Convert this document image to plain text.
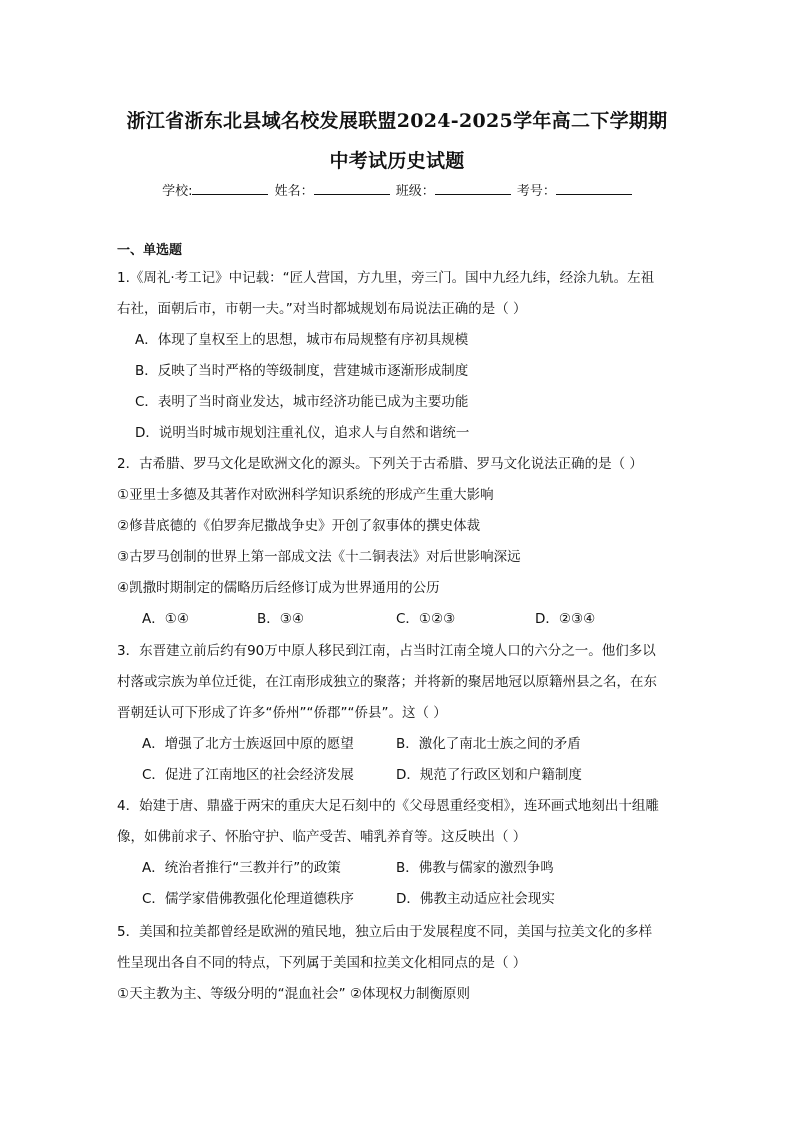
浙江省浙东北县域名校发展联盟2024-2025学年高二下学期期
中考试历史试题
学校:	姓名：	班级：	考号：
一、单选题
1.《周礼·考工记》中记载：“匠人营国，方九里，旁三门。国中九经九纬，经涂九轨。左祖
右社，面朝后市，市朝一夫。”对当时都城规划布局说法正确的是（ ）
A．体现了皇权至上的思想，城市布局规整有序初具规模
B．反映了当时严格的等级制度，营建城市逐渐形成制度
C．表明了当时商业发达，城市经济功能已成为主要功能
D．说明当时城市规划注重礼仪，追求人与自然和谐统一
2．古希腊、罗马文化是欧洲文化的源头。下列关于古希腊、罗马文化说法正确的是（ ）
①亚里士多德及其著作对欧洲科学知识系统的形成产生重大影响
②修昔底德的《伯罗奔尼撒战争史》开创了叙事体的撰史体裁
③古罗马创制的世界上第一部成文法《十二铜表法》对后世影响深远
④凯撒时期制定的儒略历后经修订成为世界通用的公历
A．①④	B．③④	C．①②③	D．②③④
3．东晋建立前后约有90万中原人移民到江南，占当时江南全境人口的六分之一。他们多以
村落或宗族为单位迁徙，在江南形成独立的聚落；并将新的聚居地冠以原籍州县之名，在东
晋朝廷认可下形成了许多“侨州”“侨郡”“侨县”。这（ ）
A．增强了北方士族返回中原的愿望	B．激化了南北士族之间的矛盾
C．促进了江南地区的社会经济发展	D．规范了行政区划和户籍制度
4．始建于唐、鼎盛于两宋的重庆大足石刻中的《父母恩重经变相》，连环画式地刻出十组雕
像，如佛前求子、怀胎守护、临产受苦、哺乳养育等。这反映出（ ）
A．统治者推行“三教并行”的政策	B．佛教与儒家的激烈争鸣
C．儒学家借佛教强化伦理道德秩序	D．佛教主动适应社会现实
5．美国和拉美都曾经是欧洲的殖民地，独立后由于发展程度不同，美国与拉美文化的多样
性呈现出各自不同的特点，下列属于美国和拉美文化相同点的是（ ）
①天主教为主、等级分明的“混血社会” ②体现权力制衡原则
